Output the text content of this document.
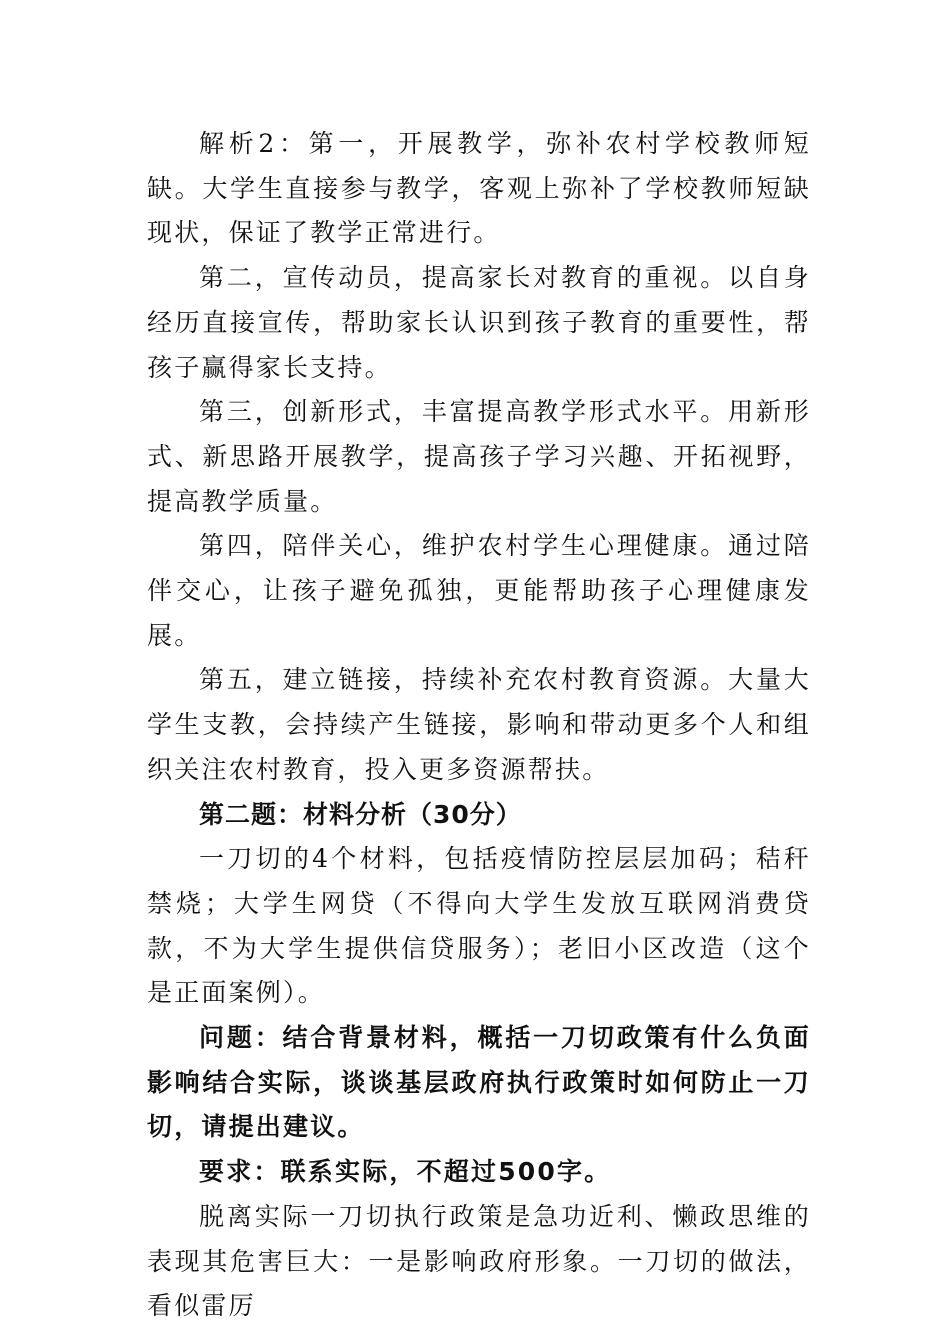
解析2：第一，开展教学，弥补农村学校教师短缺。大学生直接参与教学，客观上弥补了学校教师短缺现状，保证了教学正常进行。

第二，宣传动员，提高家长对教育的重视。以自身经历直接宣传，帮助家长认识到孩子教育的重要性，帮孩子赢得家长支持。

第三，创新形式，丰富提高教学形式水平。用新形式、新思路开展教学，提高孩子学习兴趣、开拓视野，提高教学质量。

第四，陪伴关心，维护农村学生心理健康。通过陪伴交心，让孩子避免孤独，更能帮助孩子心理健康发展。

第五，建立链接，持续补充农村教育资源。大量大学生支教，会持续产生链接，影响和带动更多个人和组织关注农村教育，投入更多资源帮扶。

第二题：材料分析（30分）

一刀切的4个材料，包括疫情防控层层加码；秸秆禁烧；大学生网贷（不得向大学生发放互联网消费贷款，不为大学生提供信贷服务）；老旧小区改造（这个是正面案例）。

问题：结合背景材料，概括一刀切政策有什么负面影响结合实际，谈谈基层政府执行政策时如何防止一刀切，请提出建议。

要求：联系实际，不超过500字。

脱离实际一刀切执行政策是急功近利、懒政思维的表现其危害巨大：一是影响政府形象。一刀切的做法，看似雷厉
